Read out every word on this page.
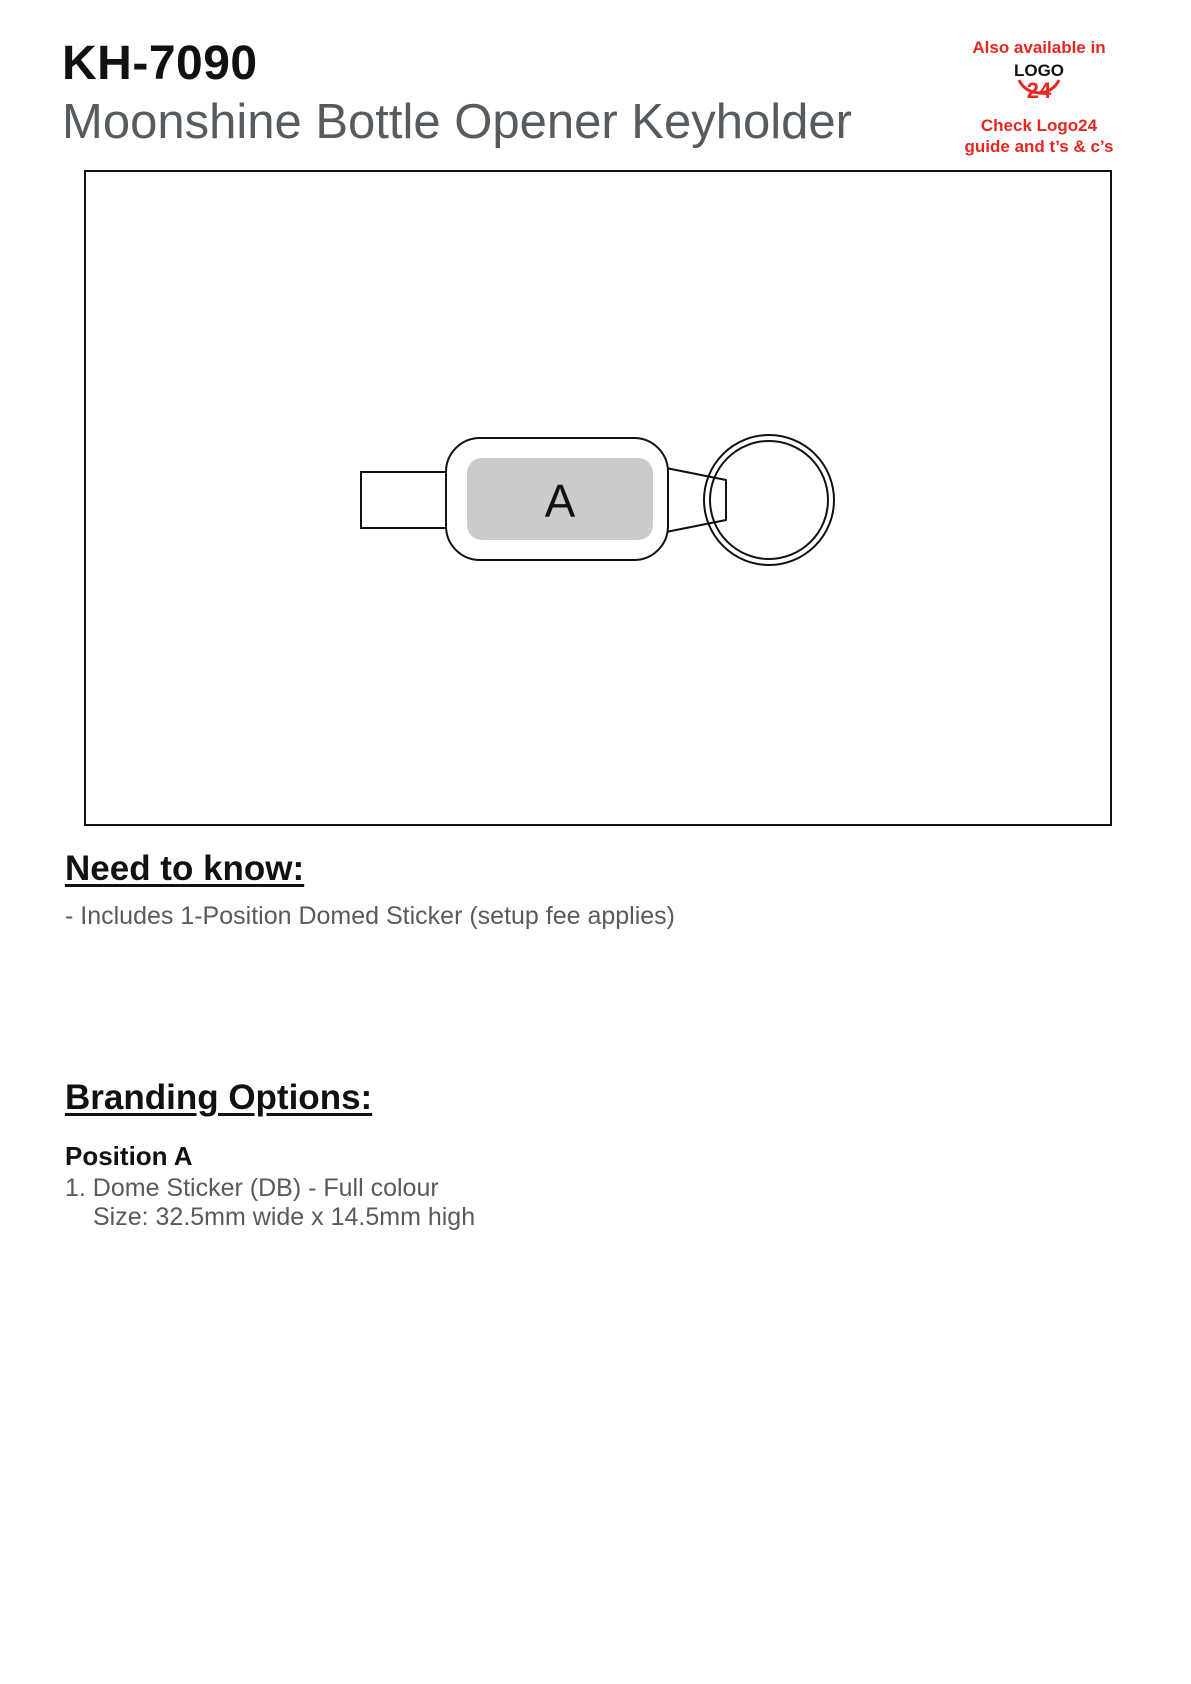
KH-7090
Moonshine Bottle Opener Keyholder
Also available in
LOGO
24
Check Logo24
guide and t’s & c’s
A
Need to know:
- Includes 1-Position Domed Sticker (setup fee applies)
Branding Options:
Position A
1. Dome Sticker (DB) - Full colour
Size: 32.5mm wide x 14.5mm high
